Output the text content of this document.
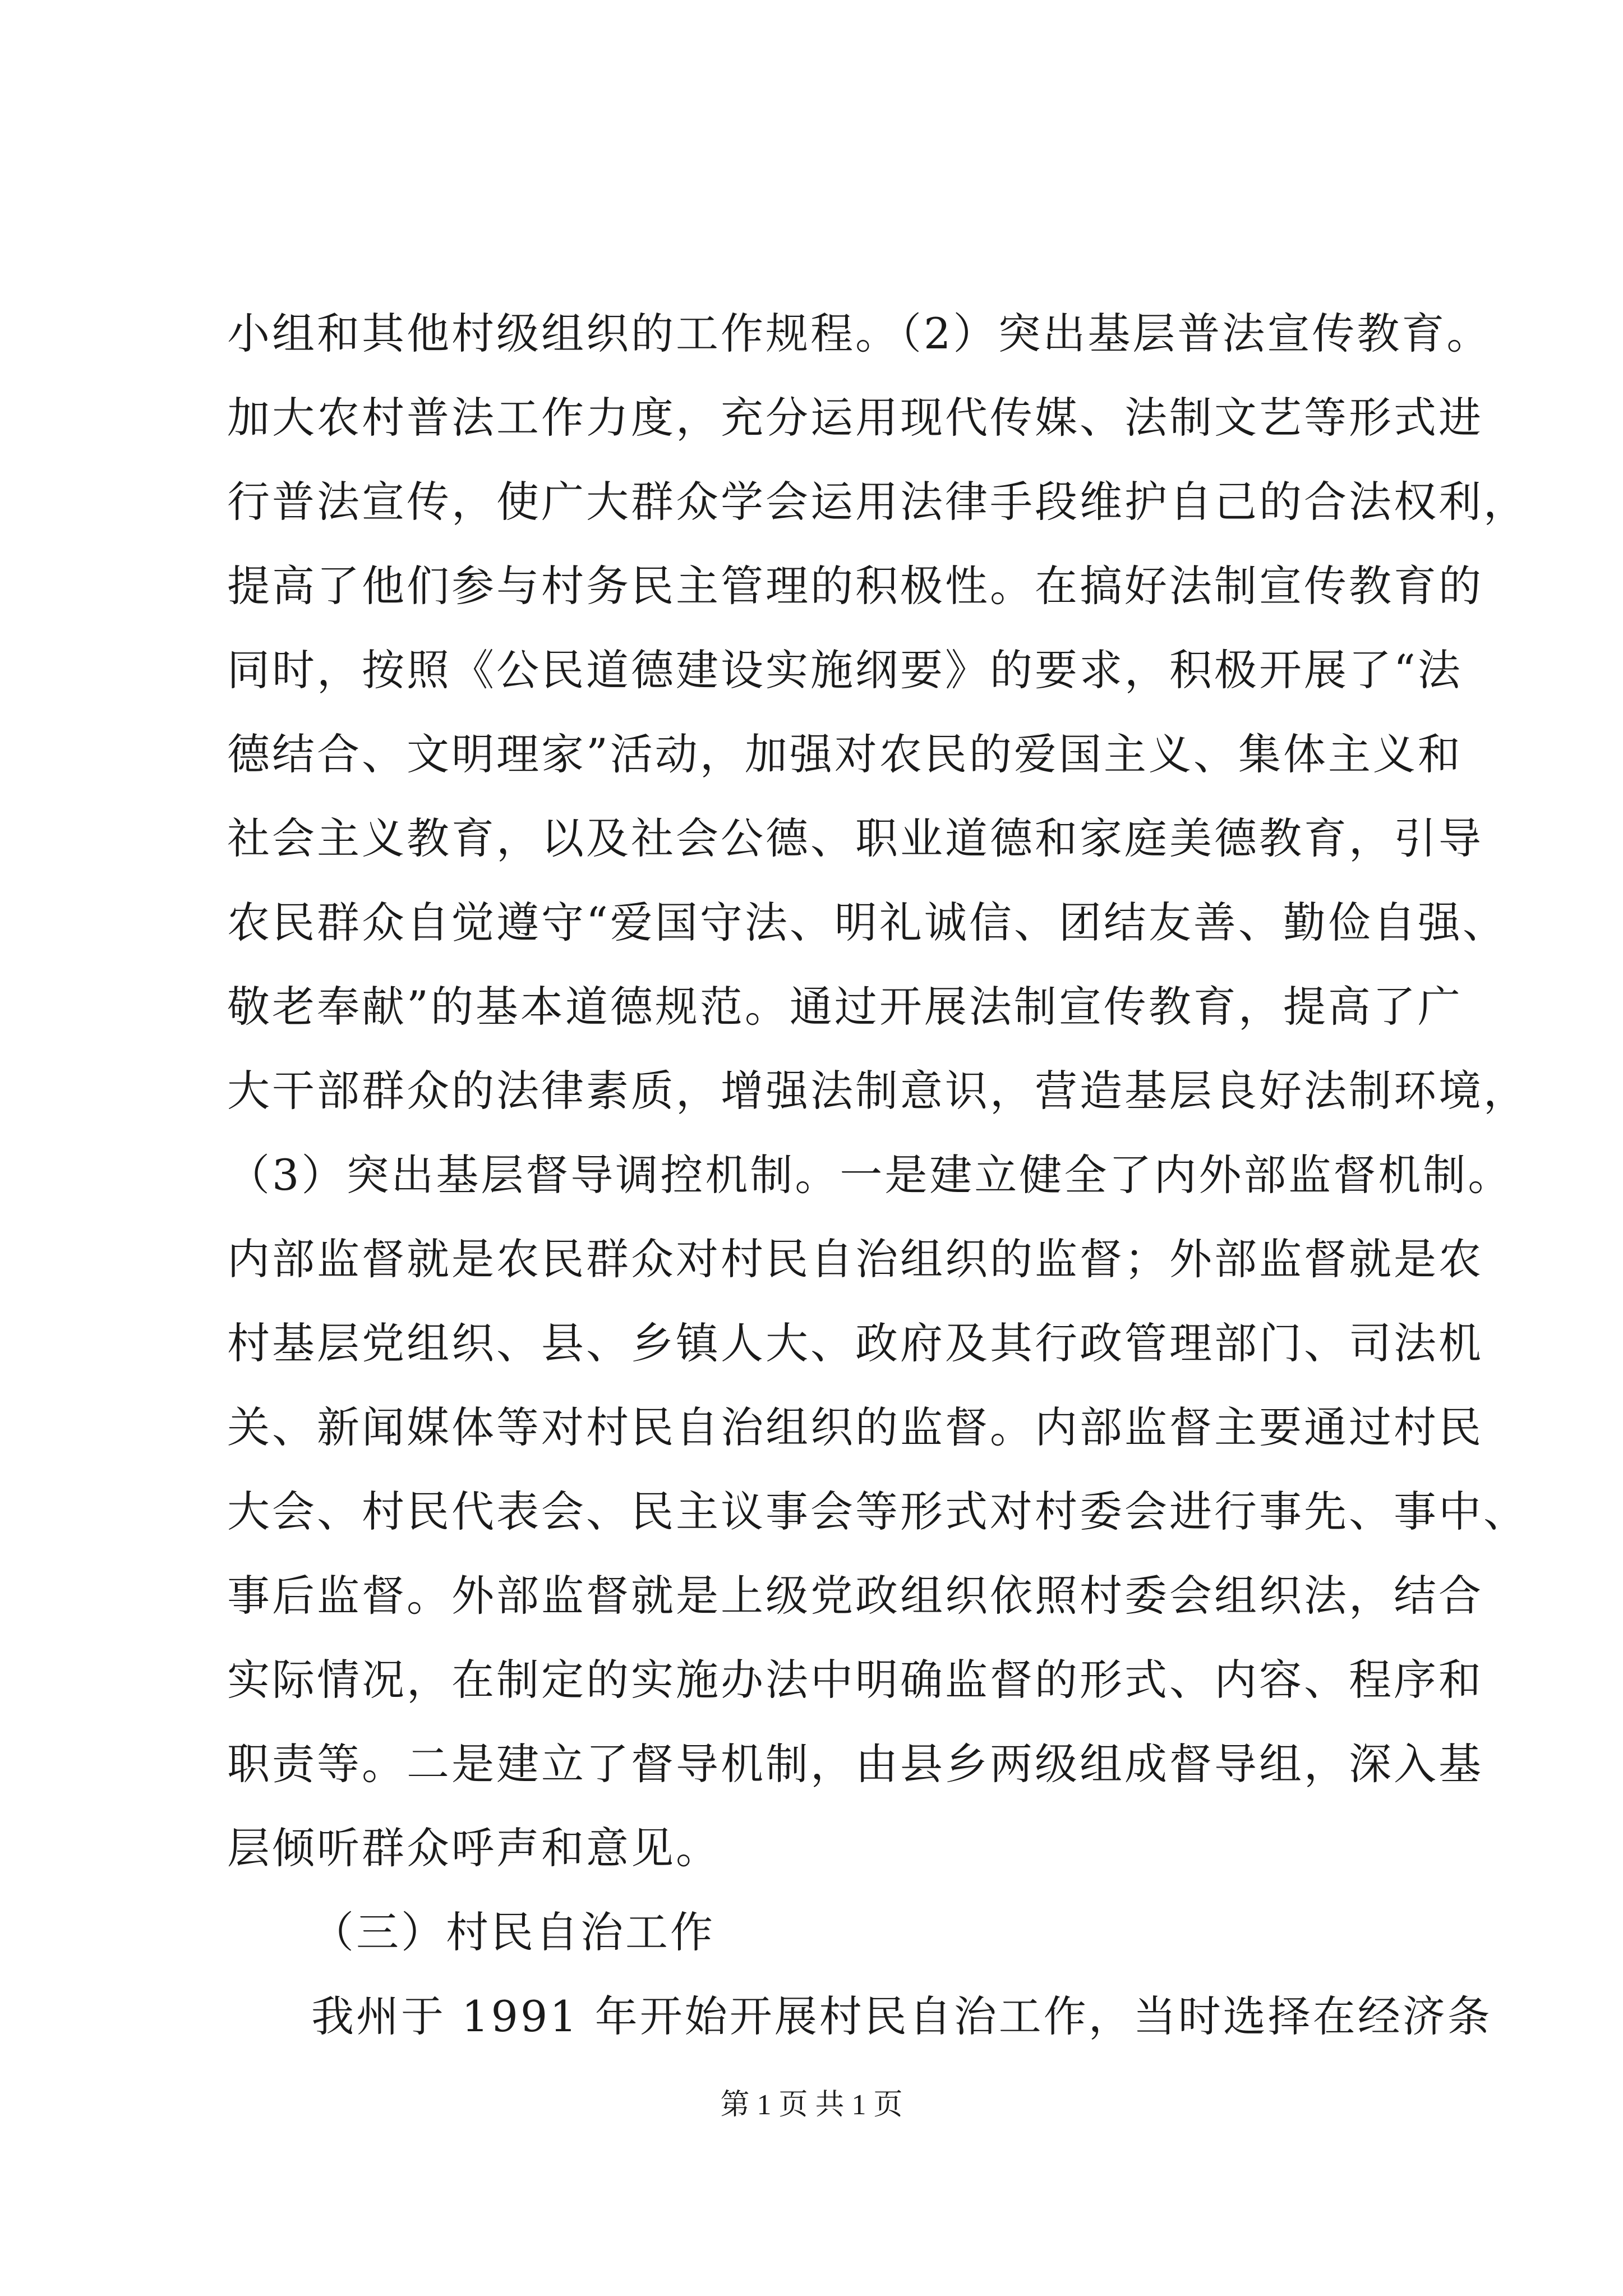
小组和其他村级组织的工作规程。（2）突出基层普法宣传教育。
加大农村普法工作力度，充分运用现代传媒、法制文艺等形式进
行普法宣传，使广大群众学会运用法律手段维护自己的合法权利，
提高了他们参与村务民主管理的积极性。在搞好法制宣传教育的
同时，按照《公民道德建设实施纲要》的要求，积极开展了“法
德结合、文明理家”活动，加强对农民的爱国主义、集体主义和
社会主义教育，以及社会公德、职业道德和家庭美德教育，引导
农民群众自觉遵守“爱国守法、明礼诚信、团结友善、勤俭自强、
敬老奉献”的基本道德规范。通过开展法制宣传教育，提高了广
大干部群众的法律素质，增强法制意识，营造基层良好法制环境，
（3）突出基层督导调控机制。一是建立健全了内外部监督机制。
内部监督就是农民群众对村民自治组织的监督；外部监督就是农
村基层党组织、县、乡镇人大、政府及其行政管理部门、司法机
关、新闻媒体等对村民自治组织的监督。内部监督主要通过村民
大会、村民代表会、民主议事会等形式对村委会进行事先、事中、
事后监督。外部监督就是上级党政组织依照村委会组织法，结合
实际情况，在制定的实施办法中明确监督的形式、内容、程序和
职责等。二是建立了督导机制，由县乡两级组成督导组，深入基
层倾听群众呼声和意见。
（三）村民自治工作
我州于 1991 年开始开展村民自治工作，当时选择在经济条
第 1 页 共 1 页
